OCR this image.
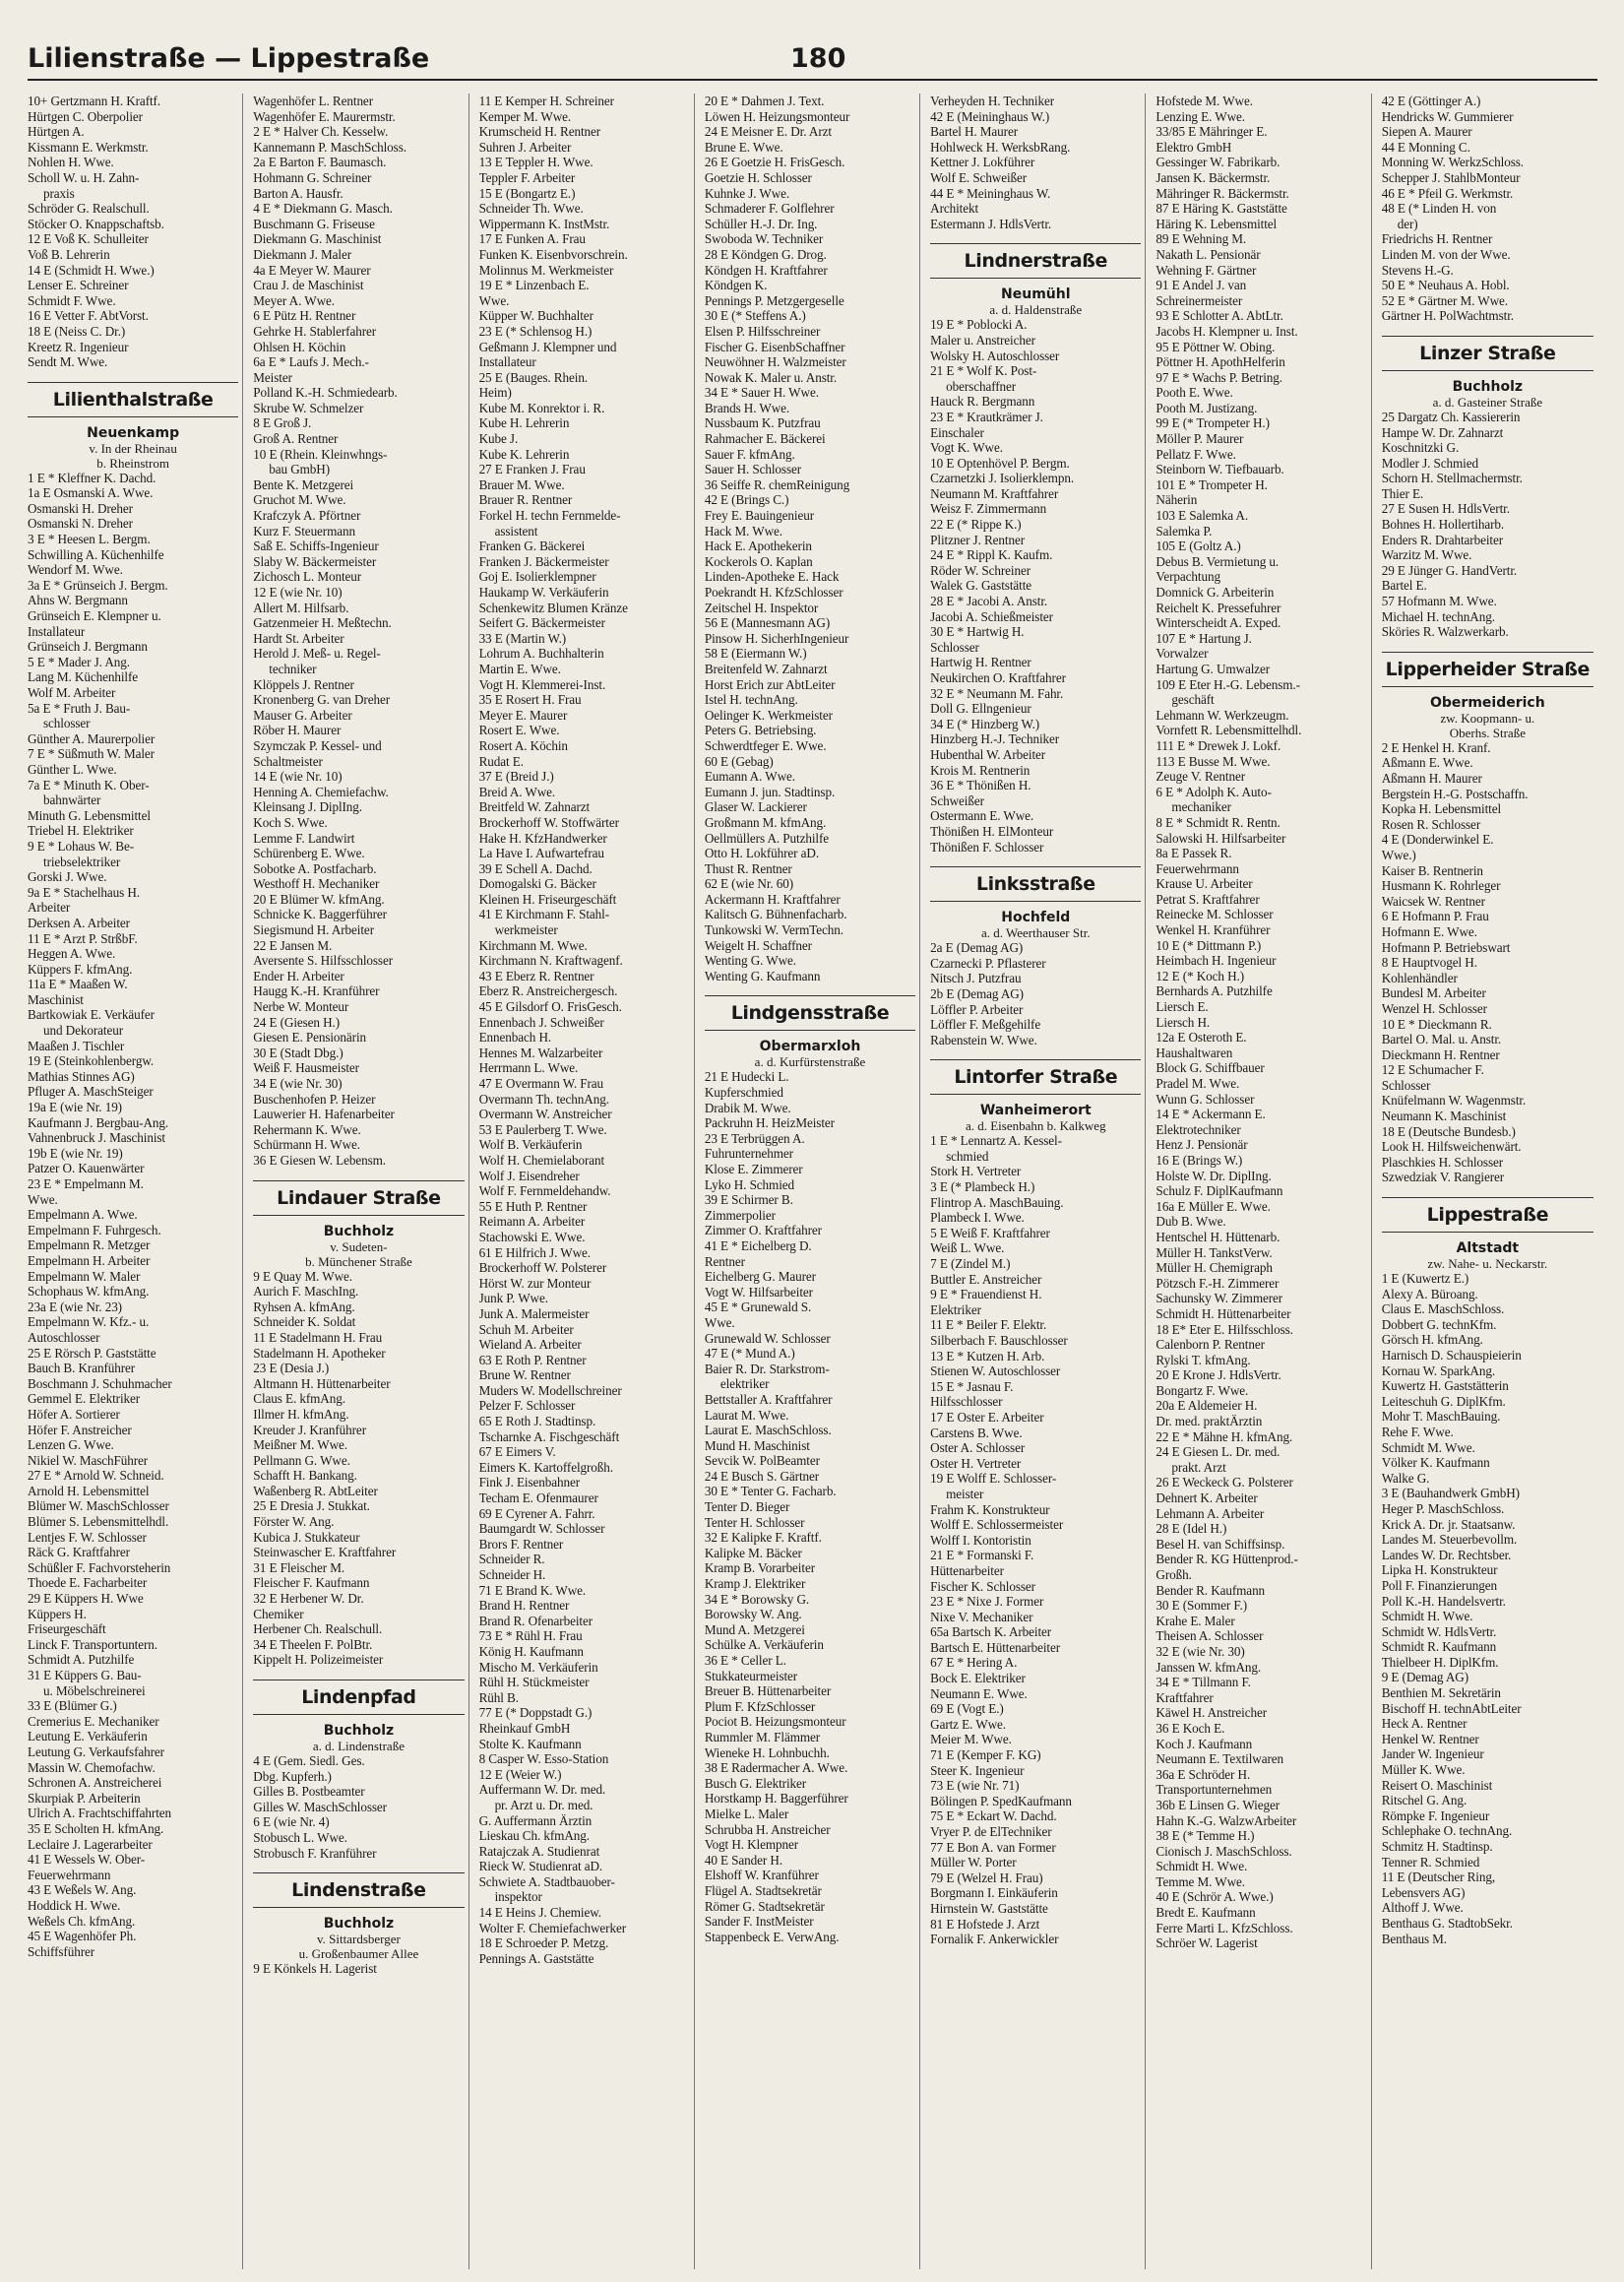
Lilienstraße — Lippestraße	180
10+ Gertzmann H. Kraftf.
Hürtgen C. Oberpolier
Hürtgen A.
Kissmann E. Werkmstr.
Nohlen H. Wwe.
Scholl W. u. H. Zahn-
praxis
Schröder G. Realschull.
Stöcker O. Knappschaftsb.
12 E Voß K. Schulleiter
Voß B. Lehrerin
14 E (Schmidt H. Wwe.)
Lenser E. Schreiner
Schmidt F. Wwe.
16 E Vetter F. AbtVorst.
18 E (Neiss C. Dr.)
Kreetz R. Ingenieur
Sendt M. Wwe.
Lilienthalstraße
Neuenkamp
v. In der Rheinau
b. Rheinstrom
1 E * Kleffner K. Dachd.
1a E Osmanski A. Wwe.
Osmanski H. Dreher
Osmanski N. Dreher
3 E * Heesen L. Bergm.
Schwilling A. Küchenhilfe
Wendorf M. Wwe.
3a E * Grünseich J. Bergm.
Ahns W. Bergmann
Grünseich E. Klempner u.
Installateur
Grünseich J. Bergmann
5 E * Mader J. Ang.
Lang M. Küchenhilfe
Wolf M. Arbeiter
5a E * Fruth J. Bau-
schlosser
Günther A. Maurerpolier
7 E * Süßmuth W. Maler
Günther L. Wwe.
7a E * Minuth K. Ober-
bahnwärter
Minuth G. Lebensmittel
Triebel H. Elektriker
9 E * Lohaus W. Be-
triebselektriker
Gorski J. Wwe.
9a E * Stachelhaus H.
Arbeiter
Derksen A. Arbeiter
11 E * Arzt P. StrßbF.
Heggen A. Wwe.
Küppers F. kfmAng.
11a E * Maaßen W.
Maschinist
Bartkowiak E. Verkäufer
und Dekorateur
Maaßen J. Tischler
19 E (Steinkohlenbergw.
Mathias Stinnes AG)
Pfluger A. MaschSteiger
19a E (wie Nr. 19)
Kaufmann J. Bergbau-Ang.
Vahnenbruck J. Maschinist
19b E (wie Nr. 19)
Patzer O. Kauenwärter
23 E * Empelmann M.
Wwe.
Empelmann A. Wwe.
Empelmann F. Fuhrgesch.
Empelmann R. Metzger
Empelmann H. Arbeiter
Empelmann W. Maler
Schophaus W. kfmAng.
23a E (wie Nr. 23)
Empelmann W. Kfz.- u.
Autoschlosser
25 E Rörsch P. Gaststätte
Bauch B. Kranführer
Boschmann J. Schuhmacher
Gemmel E. Elektriker
Höfer A. Sortierer
Höfer F. Anstreicher
Lenzen G. Wwe.
Nikiel W. MaschFührer
27 E * Arnold W. Schneid.
Arnold H. Lebensmittel
Blümer W. MaschSchlosser
Blümer S. Lebensmittelhdl.
Lentjes F. W. Schlosser
Räck G. Kraftfahrer
Schüßler F. Fachvorsteherin
Thoede E. Facharbeiter
29 E Küppers H. Wwe
Küppers H.
Friseurgeschäft
Linck F. Transportuntern.
Schmidt A. Putzhilfe
31 E Küppers G. Bau-
u. Möbelschreinerei
33 E (Blümer G.)
Cremerius E. Mechaniker
Leutung E. Verkäuferin
Leutung G. Verkaufsfahrer
Massin W. Chemofachw.
Schronen A. Anstreicherei
Skurpiak P. Arbeiterin
Ulrich A. Frachtschiffahrten
35 E Scholten H. kfmAng.
Leclaire J. Lagerarbeiter
41 E Wessels W. Ober-
Feuerwehrmann
43 E Weßels W. Ang.
Hoddick H. Wwe.
Weßels Ch. kfmAng.
45 E Wagenhöfer Ph.
Schiffsführer
Wagenhöfer L. Rentner
Wagenhöfer E. Maurermstr.
2 E * Halver Ch. Kesselw.
Kannemann P. MaschSchloss.
2a E Barton F. Baumasch.
Hohmann G. Schreiner
Barton A. Hausfr.
4 E * Diekmann G. Masch.
Buschmann G. Friseuse
Diekmann G. Maschinist
Diekmann J. Maler
4a E Meyer W. Maurer
Crau J. de Maschinist
Meyer A. Wwe.
6 E Pütz H. Rentner
Gehrke H. Stablerfahrer
Ohlsen H. Köchin
6a E * Laufs J. Mech.-
Meister
Polland K.-H. Schmiedearb.
Skrube W. Schmelzer
8 E Groß J.
Groß A. Rentner
10 E (Rhein. Kleinwhngs-
bau GmbH)
Bente K. Metzgerei
Gruchot M. Wwe.
Krafczyk A. Pförtner
Kurz F. Steuermann
Saß E. Schiffs-Ingenieur
Slaby W. Bäckermeister
Zichosch L. Monteur
12 E (wie Nr. 10)
Allert M. Hilfsarb.
Gatzenmeier H. Meßtechn.
Hardt St. Arbeiter
Herold J. Meß- u. Regel-
techniker
Klöppels J. Rentner
Kronenberg G. van Dreher
Mauser G. Arbeiter
Röber H. Maurer
Szymczak P. Kessel- und
Schaltmeister
14 E (wie Nr. 10)
Henning A. Chemiefachw.
Kleinsang J. DiplIng.
Koch S. Wwe.
Lemme F. Landwirt
Schürenberg E. Wwe.
Sobotke A. Postfacharb.
Westhoff H. Mechaniker
20 E Blümer W. kfmAng.
Schnicke K. Baggerführer
Siegismund H. Arbeiter
22 E Jansen M.
Aversente S. Hilfsschlosser
Ender H. Arbeiter
Haugg K.-H. Kranführer
Nerbe W. Monteur
24 E (Giesen H.)
Giesen E. Pensionärin
30 E (Stadt Dbg.)
Weiß F. Hausmeister
34 E (wie Nr. 30)
Buschenhofen P. Heizer
Lauwerier H. Hafenarbeiter
Rehermann K. Wwe.
Schürmann H. Wwe.
36 E Giesen W. Lebensm.
Lindauer Straße
Buchholz
v. Sudeten-
b. Münchener Straße
9 E Quay M. Wwe.
Aurich F. MaschIng.
Ryhsen A. kfmAng.
Schneider K. Soldat
11 E Stadelmann H. Frau
Stadelmann H. Apotheker
23 E (Desia J.)
Altmann H. Hüttenarbeiter
Claus E. kfmAng.
Illmer H. kfmAng.
Kreuder J. Kranführer
Meißner M. Wwe.
Pellmann G. Wwe.
Schafft H. Bankang.
Waßenberg R. AbtLeiter
25 E Dresia J. Stukkat.
Förster W. Ang.
Kubica J. Stukkateur
Steinwascher E. Kraftfahrer
31 E Fleischer M.
Fleischer F. Kaufmann
32 E Herbener W. Dr.
Chemiker
Herbener Ch. Realschull.
34 E Theelen F. PolBtr.
Kippelt H. Polizeimeister
Lindenpfad
Buchholz
a. d. Lindenstraße
4 E (Gem. Siedl. Ges.
Dbg. Kupferh.)
Gilles B. Postbeamter
Gilles W. MaschSchlosser
6 E (wie Nr. 4)
Stobusch L. Wwe.
Strobusch F. Kranführer
Lindenstraße
Buchholz
v. Sittardsberger
u. Großenbaumer Allee
9 E Könkels H. Lagerist
11 E Kemper H. Schreiner
Kemper M. Wwe.
Krumscheid H. Rentner
Suhren J. Arbeiter
13 E Teppler H. Wwe.
Teppler F. Arbeiter
15 E (Bongartz E.)
Schneider Th. Wwe.
Wippermann K. InstMstr.
17 E Funken A. Frau
Funken K. Eisenbvorschrein.
Molinnus M. Werkmeister
19 E * Linzenbach E.
Wwe.
Küpper W. Buchhalter
23 E (* Schlensog H.)
Geßmann J. Klempner und
Installateur
25 E (Bauges. Rhein.
Heim)
Kube M. Konrektor i. R.
Kube H. Lehrerin
Kube J.
Kube K. Lehrerin
27 E Franken J. Frau
Brauer M. Wwe.
Brauer R. Rentner
Forkel H. techn Fernmelde-
assistent
Franken G. Bäckerei
Franken J. Bäckermeister
Goj E. Isolierklempner
Haukamp W. Verkäuferin
Schenkewitz Blumen Kränze
Seifert G. Bäckermeister
33 E (Martin W.)
Lohrum A. Buchhalterin
Martin E. Wwe.
Vogt H. Klemmerei-Inst.
35 E Rosert H. Frau
Meyer E. Maurer
Rosert E. Wwe.
Rosert A. Köchin
Rudat E.
37 E (Breid J.)
Breid A. Wwe.
Breitfeld W. Zahnarzt
Brockerhoff W. Stoffwärter
Hake H. KfzHandwerker
La Have I. Aufwartefrau
39 E Schell A. Dachd.
Domogalski G. Bäcker
Kleinen H. Friseurgeschäft
41 E Kirchmann F. Stahl-
werkmeister
Kirchmann M. Wwe.
Kirchmann N. Kraftwagenf.
43 E Eberz R. Rentner
Eberz R. Anstreichergesch.
45 E Gilsdorf O. FrisGesch.
Ennenbach J. Schweißer
Ennenbach H.
Hennes M. Walzarbeiter
Herrmann L. Wwe.
47 E Overmann W. Frau
Overmann Th. technAng.
Overmann W. Anstreicher
53 E Paulerberg T. Wwe.
Wolf B. Verkäuferin
Wolf H. Chemielaborant
Wolf J. Eisendreher
Wolf F. Fernmeldehandw.
55 E Huth P. Rentner
Reimann A. Arbeiter
Stachowski E. Wwe.
61 E Hilfrich J. Wwe.
Brockerhoff W. Polsterer
Hörst W. zur Monteur
Junk P. Wwe.
Junk A. Malermeister
Schuh M. Arbeiter
Wieland A. Arbeiter
63 E Roth P. Rentner
Brune W. Rentner
Muders W. Modellschreiner
Pelzer F. Schlosser
65 E Roth J. Stadtinsp.
Tscharnke A. Fischgeschäft
67 E Eimers V.
Eimers K. Kartoffelgroßh.
Fink J. Eisenbahner
Techam E. Ofenmaurer
69 E Cyrener A. Fahrr.
Baumgardt W. Schlosser
Brors F. Rentner
Schneider R.
Schneider H.
71 E Brand K. Wwe.
Brand H. Rentner
Brand R. Ofenarbeiter
73 E * Rühl H. Frau
König H. Kaufmann
Mischo M. Verkäuferin
Rühl H. Stückmeister
Rühl B.
77 E (* Doppstadt G.)
Rheinkauf GmbH
Stolte K. Kaufmann
8 Casper W. Esso-Station
12 E (Weier W.)
Auffermann W. Dr. med.
pr. Arzt u. Dr. med.
G. Auffermann Ärztin
Lieskau Ch. kfmAng.
Ratajczak A. Studienrat
Rieck W. Studienrat aD.
Schwiete A. Stadtbauober-
inspektor
14 E Heins J. Chemiew.
Wolter F. Chemiefachwerker
18 E Schroeder P. Metzg.
Pennings A. Gaststätte
20 E * Dahmen J. Text.
Löwen H. Heizungsmonteur
24 E Meisner E. Dr. Arzt
Brune E. Wwe.
26 E Goetzie H. FrisGesch.
Goetzie H. Schlosser
Kuhnke J. Wwe.
Schmaderer F. Golflehrer
Schüller H.-J. Dr. Ing.
Swoboda W. Techniker
28 E Köndgen G. Drog.
Köndgen H. Kraftfahrer
Köndgen K.
Pennings P. Metzgergeselle
30 E (* Steffens A.)
Elsen P. Hilfsschreiner
Fischer G. EisenbSchaffner
Neuwöhner H. Walzmeister
Nowak K. Maler u. Anstr.
34 E * Sauer H. Wwe.
Brands H. Wwe.
Nussbaum K. Putzfrau
Rahmacher E. Bäckerei
Sauer F. kfmAng.
Sauer H. Schlosser
36 Seiffe R. chemReinigung
42 E (Brings C.)
Frey E. Bauingenieur
Hack M. Wwe.
Hack E. Apothekerin
Kockerols O. Kaplan
Linden-Apotheke E. Hack
Poekrandt H. KfzSchlosser
Zeitschel H. Inspektor
56 E (Mannesmann AG)
Pinsow H. SicherhIngenieur
58 E (Eiermann W.)
Breitenfeld W. Zahnarzt
Horst Erich zur AbtLeiter
Istel H. technAng.
Oelinger K. Werkmeister
Peters G. Betriebsing.
Schwerdtfeger E. Wwe.
60 E (Gebag)
Eumann A. Wwe.
Eumann J. jun. Stadtinsp.
Glaser W. Lackierer
Großmann M. kfmAng.
Oellmüllers A. Putzhilfe
Otto H. Lokführer aD.
Thust R. Rentner
62 E (wie Nr. 60)
Ackermann H. Kraftfahrer
Kalitsch G. Bühnenfacharb.
Tunkowski W. VermTechn.
Weigelt H. Schaffner
Wenting G. Wwe.
Wenting G. Kaufmann
Lindgensstraße
Obermarxloh
a. d. Kurfürstenstraße
21 E Hudecki L.
Kupferschmied
Drabik M. Wwe.
Packruhn H. HeizMeister
23 E Terbrüggen A.
Fuhrunternehmer
Klose E. Zimmerer
Lyko H. Schmied
39 E Schirmer B.
Zimmerpolier
Zimmer O. Kraftfahrer
41 E * Eichelberg D.
Rentner
Eichelberg G. Maurer
Vogt W. Hilfsarbeiter
45 E * Grunewald S.
Wwe.
Grunewald W. Schlosser
47 E (* Mund A.)
Baier R. Dr. Starkstrom-
elektriker
Bettstaller A. Kraftfahrer
Laurat M. Wwe.
Laurat E. MaschSchloss.
Mund H. Maschinist
Sevcik W. PolBeamter
24 E Busch S. Gärtner
30 E * Tenter G. Facharb.
Tenter D. Bieger
Tenter H. Schlosser
32 E Kalipke F. Kraftf.
Kalipke M. Bäcker
Kramp B. Vorarbeiter
Kramp J. Elektriker
34 E * Borowsky G.
Borowsky W. Ang.
Mund A. Metzgerei
Schülke A. Verkäuferin
36 E * Celler L.
Stukkateurmeister
Breuer B. Hüttenarbeiter
Plum F. KfzSchlosser
Pociot B. Heizungsmonteur
Rummler M. Flämmer
Wieneke H. Lohnbuchh.
38 E Radermacher A. Wwe.
Busch G. Elektriker
Horstkamp H. Baggerführer
Mielke L. Maler
Schrubba H. Anstreicher
Vogt H. Klempner
40 E Sander H.
Elshoff W. Kranführer
Flügel A. Stadtsekretär
Römer G. Stadtsekretär
Sander F. InstMeister
Stappenbeck E. VerwAng.
Verheyden H. Techniker
42 E (Meininghaus W.)
Bartel H. Maurer
Hohlweck H. WerksbRang.
Kettner J. Lokführer
Wolf E. Schweißer
44 E * Meininghaus W.
Architekt
Estermann J. HdlsVertr.
Lindnerstraße
Neumühl
a. d. Haldenstraße
19 E * Poblocki A.
Maler u. Anstreicher
Wolsky H. Autoschlosser
21 E * Wolf K. Post-
oberschaffner
Hauck R. Bergmann
23 E * Krautkrämer J.
Einschaler
Vogt K. Wwe.
10 E Optenhövel P. Bergm.
Czarnetzki J. Isolierklempn.
Neumann M. Kraftfahrer
Weisz F. Zimmermann
22 E (* Rippe K.)
Plitzner J. Rentner
24 E * Rippl K. Kaufm.
Röder W. Schreiner
Walek G. Gaststätte
28 E * Jacobi A. Anstr.
Jacobi A. Schießmeister
30 E * Hartwig H.
Schlosser
Hartwig H. Rentner
Neukirchen O. Kraftfahrer
32 E * Neumann M. Fahr.
Doll G. Ellngenieur
34 E (* Hinzberg W.)
Hinzberg H.-J. Techniker
Hubenthal W. Arbeiter
Krois M. Rentnerin
36 E * Thönißen H.
Schweißer
Ostermann E. Wwe.
Thönißen H. ElMonteur
Thönißen F. Schlosser
Linksstraße
Hochfeld
a. d. Weerthauser Str.
2a E (Demag AG)
Czarnecki P. Pflasterer
Nitsch J. Putzfrau
2b E (Demag AG)
Löffler P. Arbeiter
Löffler F. Meßgehilfe
Rabenstein W. Wwe.
Lintorfer Straße
Wanheimerort
a. d. Eisenbahn b. Kalkweg
1 E * Lennartz A. Kessel-
schmied
Stork H. Vertreter
3 E (* Plambeck H.)
Flintrop A. MaschBauing.
Plambeck I. Wwe.
5 E Weiß F. Kraftfahrer
Weiß L. Wwe.
7 E (Zindel M.)
Buttler E. Anstreicher
9 E * Frauendienst H.
Elektriker
11 E * Beiler F. Elektr.
Silberbach F. Bauschlosser
13 E * Kutzen H. Arb.
Stienen W. Autoschlosser
15 E * Jasnau F.
Hilfsschlosser
17 E Oster E. Arbeiter
Carstens B. Wwe.
Oster A. Schlosser
Oster H. Vertreter
19 E Wolff E. Schlosser-
meister
Frahm K. Konstrukteur
Wolff E. Schlossermeister
Wolff I. Kontoristin
21 E * Formanski F.
Hüttenarbeiter
Fischer K. Schlosser
23 E * Nixe J. Former
Nixe V. Mechaniker
65a Bartsch K. Arbeiter
Bartsch E. Hüttenarbeiter
67 E * Hering A.
Bock E. Elektriker
Neumann E. Wwe.
69 E (Vogt E.)
Gartz E. Wwe.
Meier M. Wwe.
71 E (Kemper F. KG)
Steer K. Ingenieur
73 E (wie Nr. 71)
Bölingen P. SpedKaufmann
75 E * Eckart W. Dachd.
Vryer P. de ElTechniker
77 E Bon A. van Former
Müller W. Porter
79 E (Welzel H. Frau)
Borgmann I. Einkäuferin
Hirnstein W. Gaststätte
81 E Hofstede J. Arzt
Fornalik F. Ankerwickler
Hofstede M. Wwe.
Lenzing E. Wwe.
33/85 E Mähringer E.
Elektro GmbH
Gessinger W. Fabrikarb.
Jansen K. Bäckermstr.
Mähringer R. Bäckermstr.
87 E Häring K. Gaststätte
Häring K. Lebensmittel
89 E Wehning M.
Nakath L. Pensionär
Wehning F. Gärtner
91 E Andel J. van
Schreinermeister
93 E Schlotter A. AbtLtr.
Jacobs H. Klempner u. Inst.
95 E Pöttner W. Obing.
Pöttner H. ApothHelferin
97 E * Wachs P. Betring.
Pooth E. Wwe.
Pooth M. Justizang.
99 E (* Trompeter H.)
Möller P. Maurer
Pellatz F. Wwe.
Steinborn W. Tiefbauarb.
101 E * Trompeter H.
Näherin
103 E Salemka A.
Salemka P.
105 E (Goltz A.)
Debus B. Vermietung u.
Verpachtung
Domnick G. Arbeiterin
Reichelt K. Pressefuhrer
Winterscheidt A. Exped.
107 E * Hartung J.
Vorwalzer
Hartung G. Umwalzer
109 E Eter H.-G. Lebensm.-
geschäft
Lehmann W. Werkzeugm.
Vornfett R. Lebensmittelhdl.
111 E * Drewek J. Lokf.
113 E Busse M. Wwe.
Zeuge V. Rentner
6 E * Adolph K. Auto-
mechaniker
8 E * Schmidt R. Rentn.
Salowski H. Hilfsarbeiter
8a E Passek R.
Feuerwehrmann
Krause U. Arbeiter
Petrat S. Kraftfahrer
Reinecke M. Schlosser
Wenkel H. Kranführer
10 E (* Dittmann P.)
Heimbach H. Ingenieur
12 E (* Koch H.)
Bernhards A. Putzhilfe
Liersch E.
Liersch H.
12a E Osteroth E.
Haushaltwaren
Block G. Schiffbauer
Pradel M. Wwe.
Wunn G. Schlosser
14 E * Ackermann E.
Elektrotechniker
Henz J. Pensionär
16 E (Brings W.)
Holste W. Dr. DiplIng.
Schulz F. DiplKaufmann
16a E Müller E. Wwe.
Dub B. Wwe.
Hentschel H. Hüttenarb.
Müller H. TankstVerw.
Müller H. Chemigraph
Pötzsch F.-H. Zimmerer
Sachunsky W. Zimmerer
Schmidt H. Hüttenarbeiter
18 E* Eter E. Hilfsschloss.
Calenborn P. Rentner
Rylski T. kfmAng.
20 E Krone J. HdlsVertr.
Bongartz F. Wwe.
20a E Aldemeier H.
Dr. med. praktÄrztin
22 E * Mähne H. kfmAng.
24 E Giesen L. Dr. med.
prakt. Arzt
26 E Weckeck G. Polsterer
Dehnert K. Arbeiter
Lehmann A. Arbeiter
28 E (Idel H.)
Besel H. van Schiffsinsp.
Bender R. KG Hüttenprod.-
Großh.
Bender R. Kaufmann
30 E (Sommer F.)
Krahe E. Maler
Theisen A. Schlosser
32 E (wie Nr. 30)
Janssen W. kfmAng.
34 E * Tillmann F.
Kraftfahrer
Käwel H. Anstreicher
36 E Koch E.
Koch J. Kaufmann
Neumann E. Textilwaren
36a E Schröder H.
Transportunternehmen
36b E Linsen G. Wieger
Hahn K.-G. WalzwArbeiter
38 E (* Temme H.)
Cionisch J. MaschSchloss.
Schmidt H. Wwe.
Temme M. Wwe.
40 E (Schrör A. Wwe.)
Bredt E. Kaufmann
Ferre Marti L. KfzSchloss.
Schröer W. Lagerist
42 E (Göttinger A.)
Hendricks W. Gummierer
Siepen A. Maurer
44 E Monning C.
Monning W. WerkzSchloss.
Schepper J. StahlbMonteur
46 E * Pfeil G. Werkmstr.
48 E (* Linden H. von
der)
Friedrichs H. Rentner
Linden M. von der Wwe.
Stevens H.-G.
50 E * Neuhaus A. Hobl.
52 E * Gärtner M. Wwe.
Gärtner H. PolWachtmstr.
Linzer Straße
Buchholz
a. d. Gasteiner Straße
25 Dargatz Ch. Kassiererin
Hampe W. Dr. Zahnarzt
Koschnitzki G.
Modler J. Schmied
Schorn H. Stellmachermstr.
Thier E.
27 E Susen H. HdlsVertr.
Bohnes H. Hollertiharb.
Enders R. Drahtarbeiter
Warzitz M. Wwe.
29 E Jünger G. HandVertr.
Bartel E.
57 Hofmann M. Wwe.
Michael H. technAng.
Sköries R. Walzwerkarb.
Lipperheider Straße
Obermeiderich
zw. Koopmann- u.
Oberhs. Straße
2 E Henkel H. Kranf.
Aßmann E. Wwe.
Aßmann H. Maurer
Bergstein H.-G. Postschaffn.
Kopka H. Lebensmittel
Rosen R. Schlosser
4 E (Donderwinkel E.
Wwe.)
Kaiser B. Rentnerin
Husmann K. Rohrleger
Waicsek W. Rentner
6 E Hofmann P. Frau
Hofmann E. Wwe.
Hofmann P. Betriebswart
8 E Hauptvogel H.
Kohlenhändler
Bundesl M. Arbeiter
Wenzel H. Schlosser
10 E * Dieckmann R.
Bartel O. Mal. u. Anstr.
Dieckmann H. Rentner
12 E Schumacher F.
Schlosser
Knüfelmann W. Wagenmstr.
Neumann K. Maschinist
18 E (Deutsche Bundesb.)
Look H. Hilfsweichenwärt.
Plaschkies H. Schlosser
Szwedziak V. Rangierer
Lippestraße
Altstadt
zw. Nahe- u. Neckarstr.
1 E (Kuwertz E.)
Alexy A. Büroang.
Claus E. MaschSchloss.
Dobbert G. technKfm.
Görsch H. kfmAng.
Harnisch D. Schauspieierin
Kornau W. SparkAng.
Kuwertz H. Gaststätterin
Leiteschuh G. DiplKfm.
Mohr T. MaschBauing.
Rehe F. Wwe.
Schmidt M. Wwe.
Völker K. Kaufmann
Walke G.
3 E (Bauhandwerk GmbH)
Heger P. MaschSchloss.
Krick A. Dr. jr. Staatsanw.
Landes M. Steuerbevollm.
Landes W. Dr. Rechtsber.
Lipka H. Konstrukteur
Poll F. Finanzierungen
Poll K.-H. Handelsvertr.
Schmidt H. Wwe.
Schmidt W. HdlsVertr.
Schmidt R. Kaufmann
Thielbeer H. DiplKfm.
9 E (Demag AG)
Benthien M. Sekretärin
Bischoff H. technAbtLeiter
Heck A. Rentner
Henkel W. Rentner
Jander W. Ingenieur
Müller K. Wwe.
Reisert O. Maschinist
Ritschel G. Ang.
Römpke F. Ingenieur
Schlephake O. technAng.
Schmitz H. Stadtinsp.
Tenner R. Schmied
11 E (Deutscher Ring,
Lebensvers AG)
Althoff J. Wwe.
Benthaus G. StadtobSekr.
Benthaus M.
